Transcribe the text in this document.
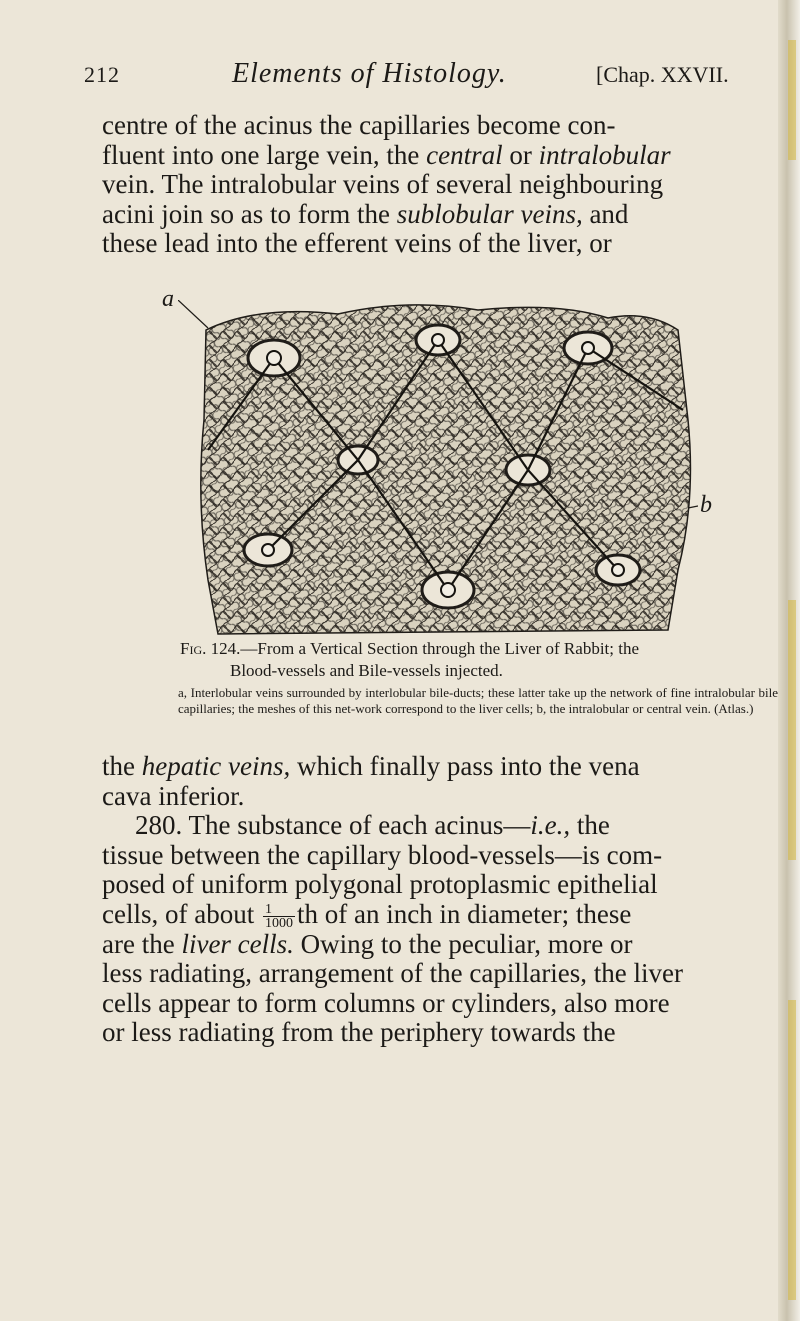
212	Elements of Histology.	[Chap. XXVII.
centre of the acinus the capillaries become con-
fluent into one large vein, the central or intralobular
vein. The intralobular veins of several neighbouring
acini join so as to form the sublobular veins, and
these lead into the efferent veins of the liver, or
a
b
Fig. 124.—From a Vertical Section through the Liver of Rabbit; the
Blood-vessels and Bile-vessels injected.
a, Interlobular veins surrounded by interlobular bile-ducts; these latter take up the network of fine intralobular bile capillaries; the meshes of this net-work correspond to the liver cells; b, the intralobular or central vein. (Atlas.)
the hepatic veins, which finally pass into the vena
cava inferior.
280. The substance of each acinus—i.e., the
tissue between the capillary blood-vessels—is com-
posed of uniform polygonal protoplasmic epithelial
cells, of about $\frac{1}{1000}$ th of an inch in diameter; these
are the liver cells. Owing to the peculiar, more or
less radiating, arrangement of the capillaries, the liver
cells appear to form columns or cylinders, also more
or less radiating from the periphery towards the
